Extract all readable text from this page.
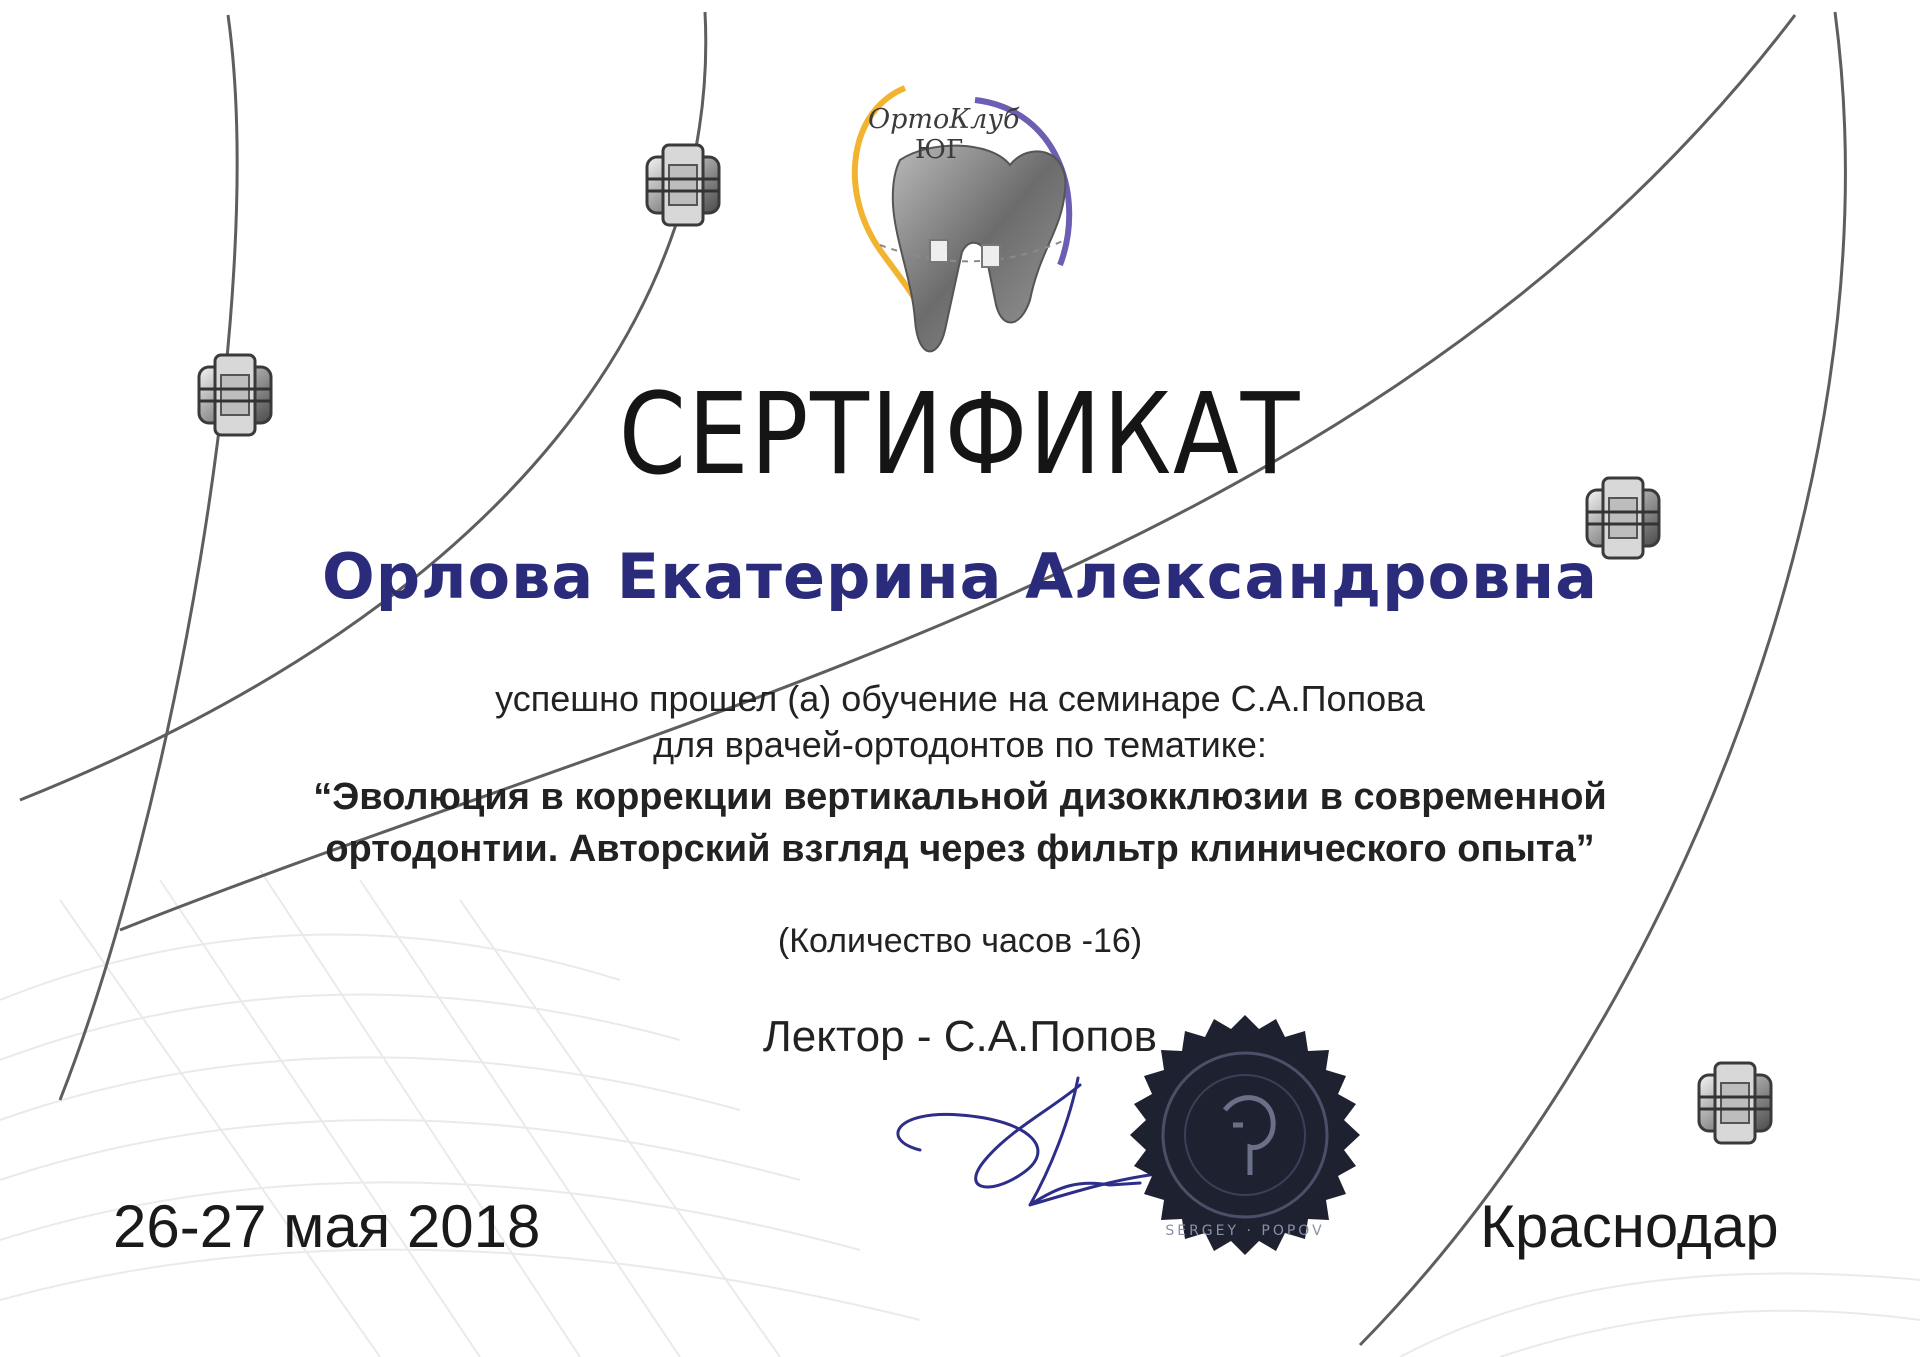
SERGEY · POPOV
ОртоКлуб
ЮГ
СЕРТИФИКАТ
Орлова Екатерина Александровна
успешно прошел (а) обучение на семинаре С.А.Попова
для врачей-ортодонтов по тематике:
“Эволюция в коррекции вертикальной дизокклюзии в современной
ортодонтии. Авторский взгляд через фильтр клинического опыта”
(Количество часов -16)
Лектор - С.А.Попов
26-27 мая 2018	Краснодар
